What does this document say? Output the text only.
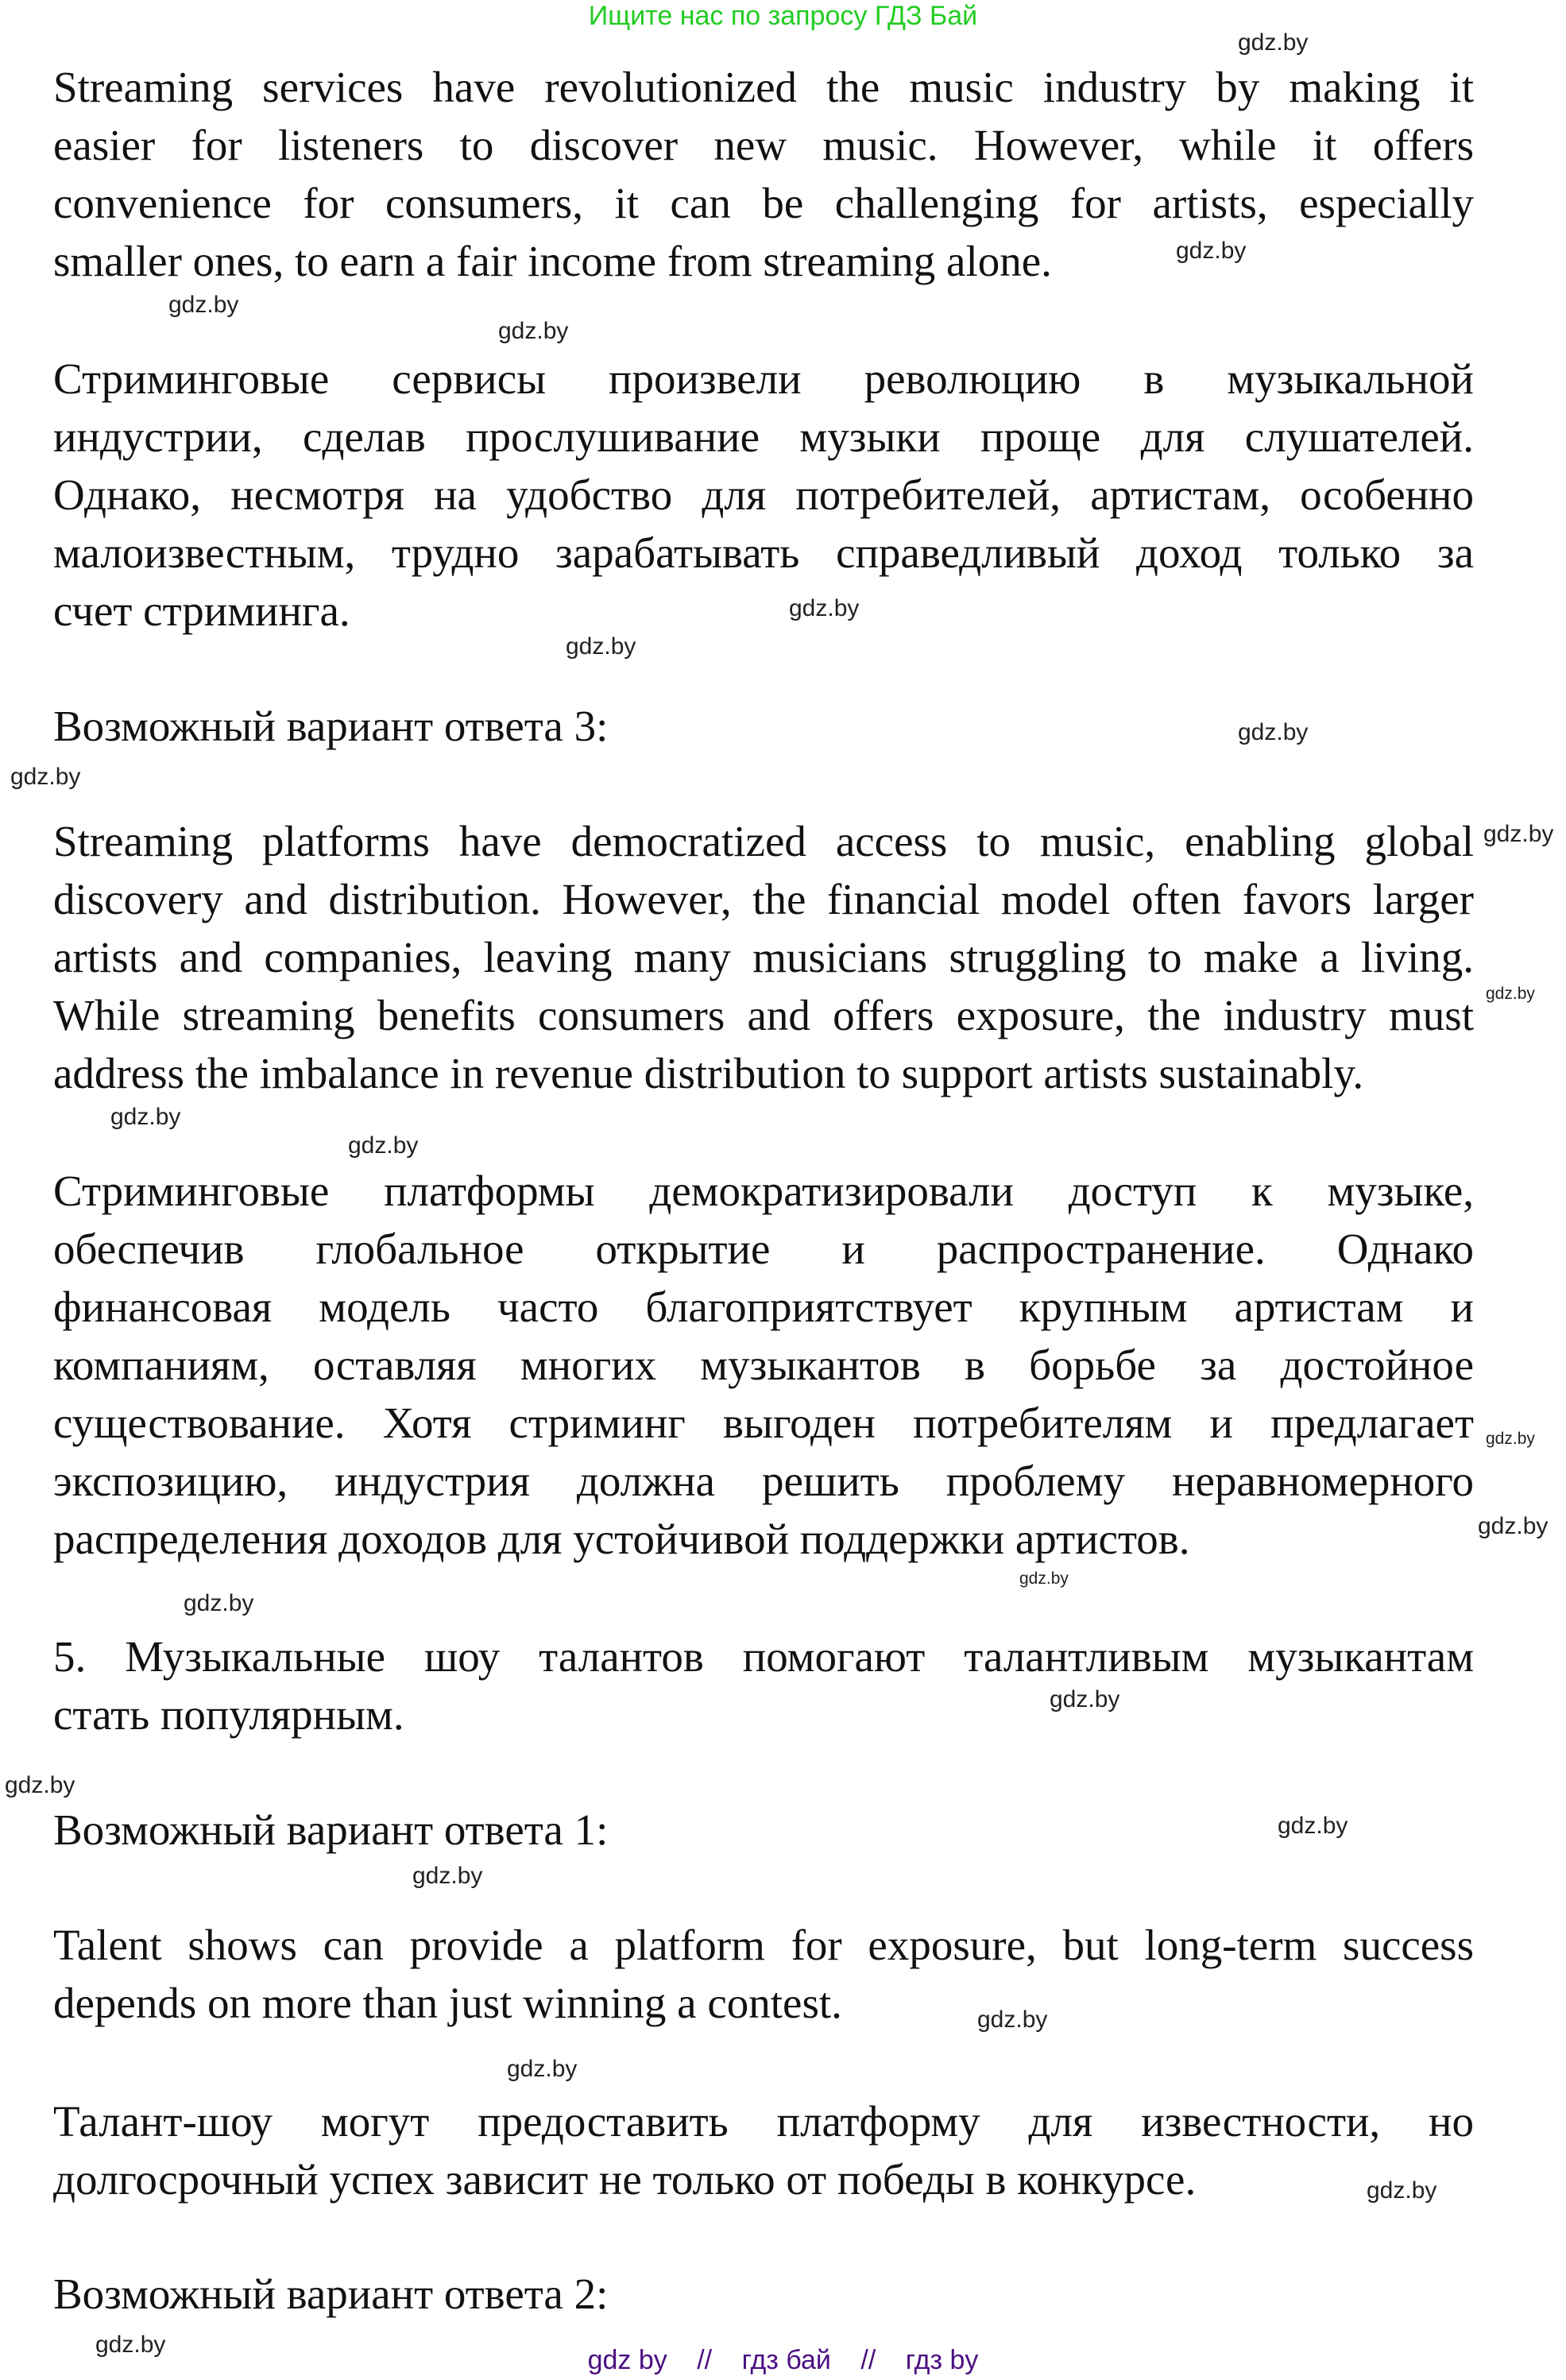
Ищите нас по запросу ГДЗ Бай
Streaming services have revolutionized the music industry by making it
easier for listeners to discover new music. However, while it offers
convenience for consumers, it can be challenging for artists, especially
smaller ones, to earn a fair income from streaming alone.
Стриминговые сервисы произвели революцию в музыкальной
индустрии, сделав прослушивание музыки проще для слушателей.
Однако, несмотря на удобство для потребителей, артистам, особенно
малоизвестным, трудно зарабатывать справедливый доход только за
счет стриминга.
Возможный вариант ответа 3:
Streaming platforms have democratized access to music, enabling global
discovery and distribution. However, the financial model often favors larger
artists and companies, leaving many musicians struggling to make a living.
While streaming benefits consumers and offers exposure, the industry must
address the imbalance in revenue distribution to support artists sustainably.
Стриминговые платформы демократизировали доступ к музыке,
обеспечив глобальное открытие и распространение. Однако
финансовая модель часто благоприятствует крупным артистам и
компаниям, оставляя многих музыкантов в борьбе за достойное
существование. Хотя стриминг выгоден потребителям и предлагает
экспозицию, индустрия должна решить проблему неравномерного
распределения доходов для устойчивой поддержки артистов.
5. Музыкальные шоу талантов помогают талантливым музыкантам
стать популярным.
Возможный вариант ответа 1:
Talent shows can provide a platform for exposure, but long-term success
depends on more than just winning a contest.
Талант-шоу могут предоставить платформу для известности, но
долгосрочный успех зависит не только от победы в конкурсе.
Возможный вариант ответа 2:
gdz.by
gdz.by
gdz.by
gdz.by
gdz.by
gdz.by
gdz.by
gdz.by
gdz.by
gdz.by
gdz.by
gdz.by
gdz.by
gdz.by
gdz.by
gdz.by
gdz.by
gdz.by
gdz.by
gdz.by
gdz.by
gdz.by
gdz.by
gdz.by
gdz by // гдз бай // гдз by
